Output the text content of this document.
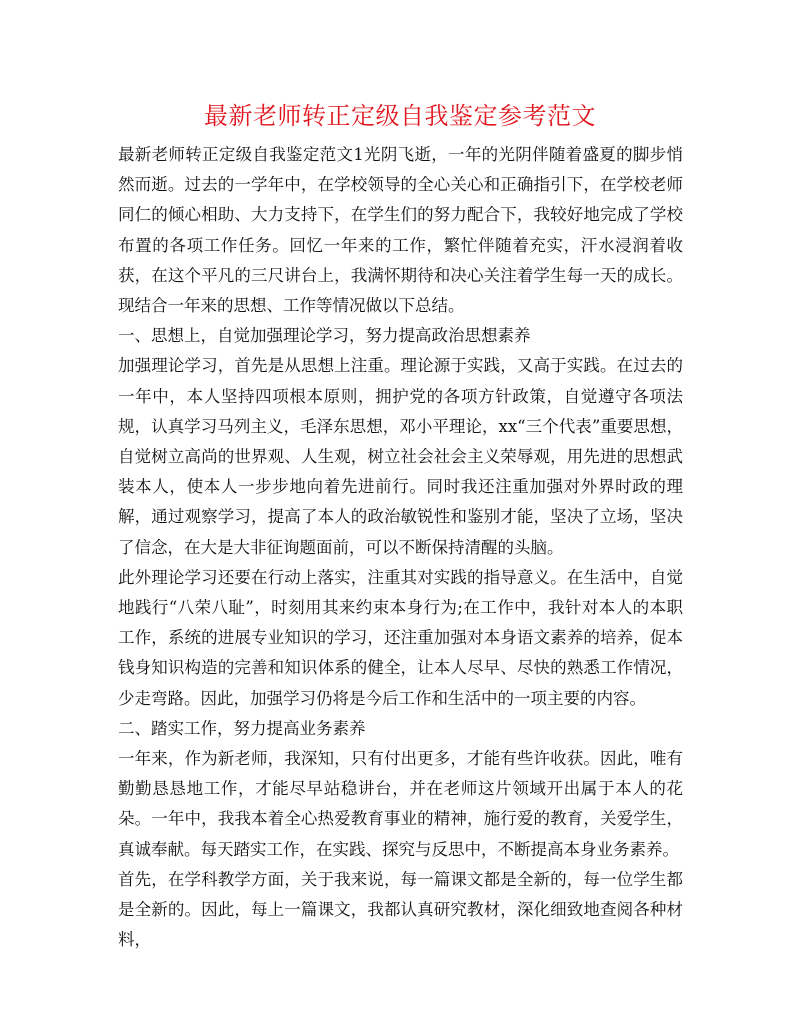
最新老师转正定级自我鉴定参考范文

最新老师转正定级自我鉴定范文1光阴飞逝，一年的光阴伴随着盛夏的脚步悄然而逝。过去的一学年中，在学校领导的全心关心和正确指引下，在学校老师同仁的倾心相助、大力支持下，在学生们的努力配合下，我较好地完成了学校布置的各项工作任务。回忆一年来的工作，繁忙伴随着充实，汗水浸润着收获，在这个平凡的三尺讲台上，我满怀期待和决心关注着学生每一天的成长。现结合一年来的思想、工作等情况做以下总结。

一、思想上，自觉加强理论学习，努力提高政治思想素养

加强理论学习，首先是从思想上注重。理论源于实践，又高于实践。在过去的一年中，本人坚持四项根本原则，拥护党的各项方针政策，自觉遵守各项法规，认真学习马列主义，毛泽东思想，邓小平理论，xx“三个代表”重要思想，自觉树立高尚的世界观、人生观，树立社会社会主义荣辱观，用先进的思想武装本人，使本人一步步地向着先进前行。同时我还注重加强对外界时政的理解，通过观察学习，提高了本人的政治敏锐性和鉴别才能，坚决了立场，坚决了信念，在大是大非征询题面前，可以不断保持清醒的头脑。

此外理论学习还要在行动上落实，注重其对实践的指导意义。在生活中，自觉地践行“八荣八耻”，时刻用其来约束本身行为;在工作中，我针对本人的本职工作，系统的进展专业知识的学习，还注重加强对本身语文素养的培养，促本钱身知识构造的完善和知识体系的健全，让本人尽早、尽快的熟悉工作情况，少走弯路。因此，加强学习仍将是今后工作和生活中的一项主要的内容。

二、踏实工作，努力提高业务素养

一年来，作为新老师，我深知，只有付出更多，才能有些许收获。因此，唯有勤勤恳恳地工作，才能尽早站稳讲台，并在老师这片领域开出属于本人的花朵。一年中，我我本着全心热爱教育事业的精神，施行爱的教育，关爱学生，真诚奉献。每天踏实工作，在实践、探究与反思中，不断提高本身业务素养。

首先，在学科教学方面，关于我来说，每一篇课文都是全新的，每一位学生都是全新的。因此，每上一篇课文，我都认真研究教材，深化细致地查阅各种材料，
